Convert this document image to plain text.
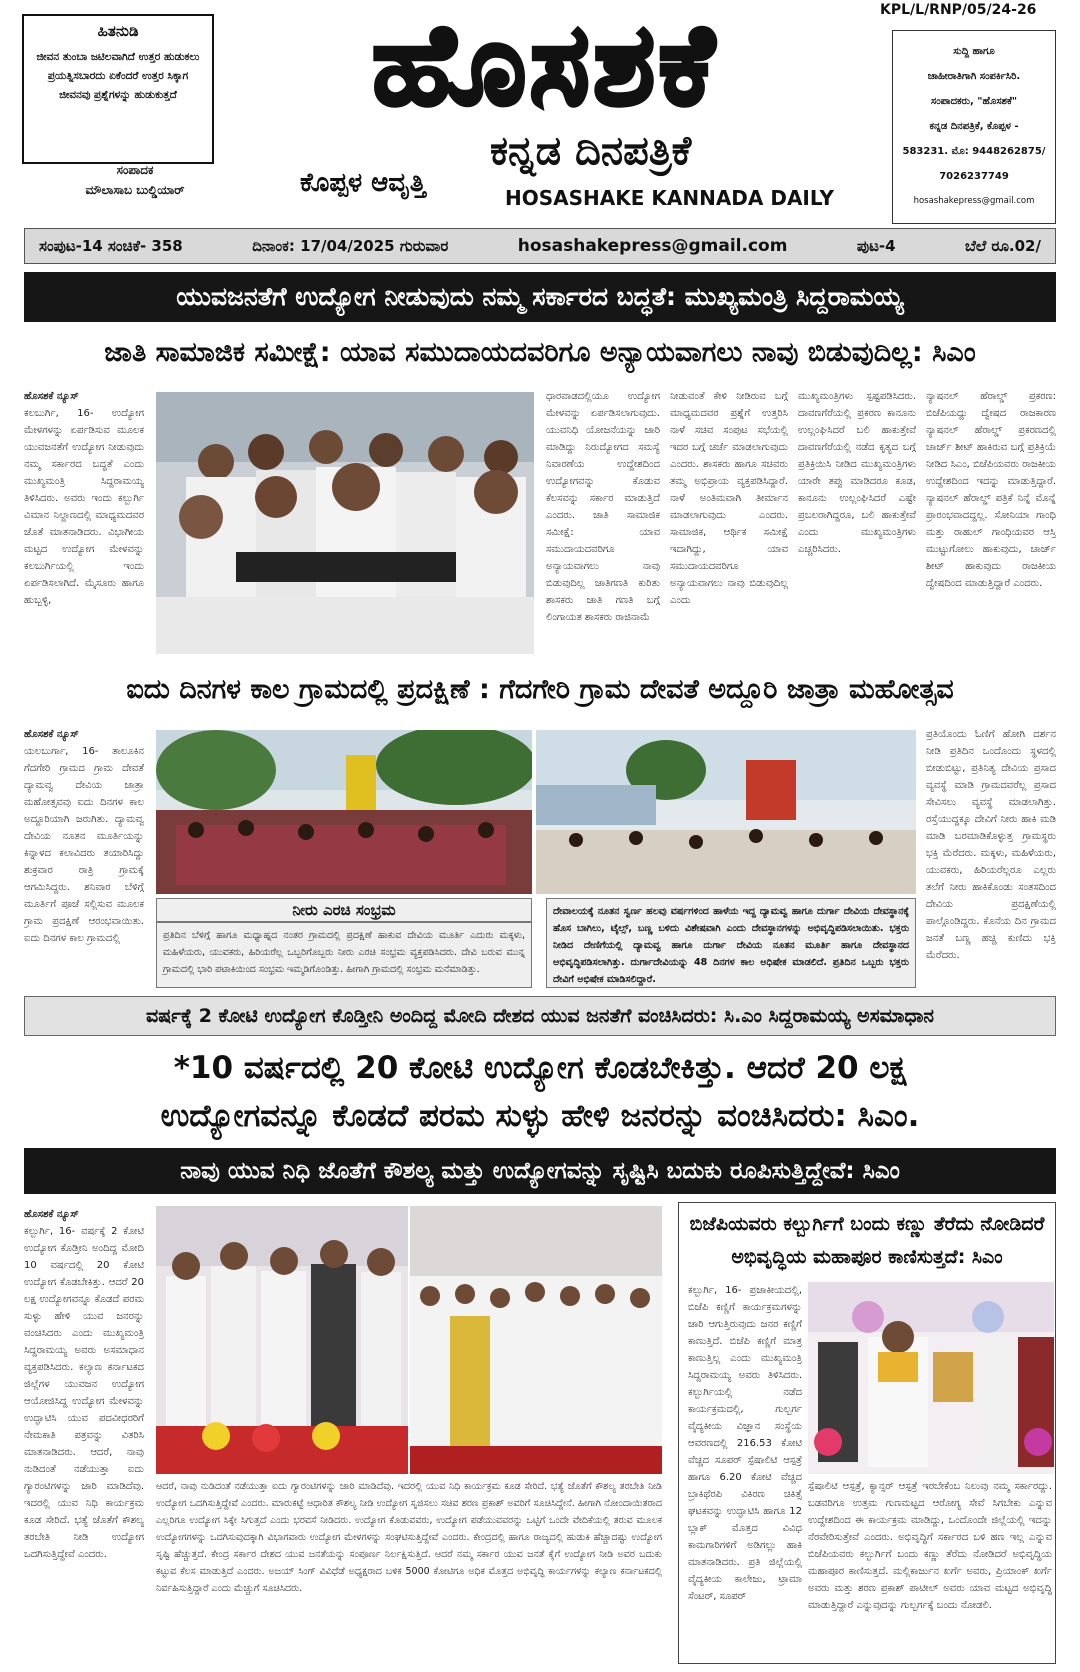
ಹಿತನುಡಿ
ಜೀವನ ತುಂಬಾ ಜಟಿಲವಾಗಿದೆ ಉತ್ತರ ಹುಡುಕಲು ಪ್ರಯತ್ನಿಸಬಾರದು ಏಕೆಂದರೆ ಉತ್ತರ ಸಿಕ್ಕಾಗ ಜೀವನವು ಪ್ರಶ್ನೆಗಳನ್ನು ಹುಡುಕುತ್ತದೆ
ಸಂಪಾದಕ
ಮೌಲಾಸಾಬ ಬುಲ್ಡಿಯಾರ್
ಹೊಸಶಕೆ
ಕನ್ನಡ ದಿನಪತ್ರಿಕೆ
ಕೊಪ್ಪಳ ಆವೃತ್ತಿ	HOSASHAKE KANNADA DAILY
KPL/L/RNP/05/24-26
ಸುದ್ದಿ ಹಾಗೂ
ಜಾಹೀರಾತಿಗಾಗಿ ಸಂಪರ್ಕಿಸಿರಿ.
ಸಂಪಾದಕರು, "ಹೊಸಶಕೆ"
ಕನ್ನಡ ದಿನಪತ್ರಿಕೆ, ಕೊಪ್ಪಳ -
583231. ಮೊ: 9448262875/
7026237749
hosashakepress@gmail.com
ಸಂಪುಟ-14 ಸಂಚಿಕೆ- 358	ದಿನಾಂಕ: 17/04/2025 ಗುರುವಾರ	hosashakepress@gmail.com	ಪುಟ-4	ಬೆಲೆ ರೂ.02/
ಯುವಜನತೆಗೆ ಉದ್ಯೋಗ ನೀಡುವುದು ನಮ್ಮ ಸರ್ಕಾರದ ಬದ್ಧತೆ: ಮುಖ್ಯಮಂತ್ರಿ ಸಿದ್ದರಾಮಯ್ಯ
ಜಾತಿ ಸಾಮಾಜಿಕ ಸಮೀಕ್ಷೆ: ಯಾವ ಸಮುದಾಯದವರಿಗೂ ಅನ್ಯಾಯವಾಗಲು ನಾವು ಬಿಡುವುದಿಲ್ಲ: ಸಿಎಂ
ಹೊಸಶಕೆ ನ್ಯೂಸ್
ಕಲಬುರ್ಗಿ, 16- ಉದ್ಯೋಗ ಮೇಳಗಳನ್ನು ಏರ್ಪಡಿಸುವ ಮೂಲಕ ಯುವಜನತೆಗೆ ಉದ್ಯೋಗ ನೀಡುವುದು ನಮ್ಮ ಸರ್ಕಾರದ ಬದ್ಧತೆ ಎಂದು ಮುಖ್ಯಮಂತ್ರಿ ಸಿದ್ದರಾಮಯ್ಯ ತಿಳಿಸಿದರು. ಅವರು ಇಂದು ಕಲ್ಬುರ್ಗಿ ವಿಮಾನ ನಿಲ್ದಾಣದಲ್ಲಿ ಮಾಧ್ಯಮದವರ ಜೊತೆ ಮಾತನಾಡಿದರು. ವಿಭಾಗೀಯ ಮಟ್ಟದ ಉದ್ಯೋಗ ಮೇಳವನ್ನು ಕಲಬುರ್ಗಿಯಲ್ಲಿ ಇಂದು ಏರ್ಪಡಿಸಲಾಗಿದೆ. ಮೈಸೂರು ಹಾಗೂ ಹುಬ್ಬಳ್ಳಿ,
ಧಾರವಾಡದಲ್ಲಿಯೂ ಉದ್ಯೋಗ ಮೇಳವನ್ನು ಏರ್ಪಡಿಸಲಾಗುವುದು. ಯುವನಿಧಿ ಯೋಜನೆಯನ್ನು ಜಾರಿ ಮಾಡಿದ್ದು ನಿರುದ್ಯೋಗದ ಸಮಸ್ಯೆ ನಿವಾರಣೆಯ ಉದ್ದೇಶದಿಂದ ಉದ್ಯೋಗವನ್ನು ಕೊಡುವ ಕೆಲಸವನ್ನು ಸರ್ಕಾರ ಮಾಡುತ್ತಿದೆ ಎಂದರು. ಜಾತಿ ಸಾಮಾಜಿಕ ಸಮೀಕ್ಷೆ: ಯಾವ ಸಮುದಾಯದವರಿಗೂ ಅನ್ಯಾಯವಾಗಲು ನಾವು ಬಿಡುವುದಿಲ್ಲ ಜಾತಿಗಣತಿ ಕುರಿತು ಶಾಸಕರು ಜಾತಿ ಗಣತಿ ಬಗ್ಗೆ ಲಿಂಗಾಯತ ಶಾಸಕರು ರಾಜಿನಾಮೆ
ನೀಡುವಂತೆ ಕೇಳಿ ನೀಡಿರುವ ಬಗ್ಗೆ ಮಾಧ್ಯಮದವರ ಪ್ರಶ್ನೆಗೆ ಉತ್ತರಿಸಿ ನಾಳೆ ಸಚಿವ ಸಂಪುಟ ಸಭೆಯಲ್ಲಿ ಇದರ ಬಗ್ಗೆ ಚರ್ಚೆ ಮಾಡಲಾಗುವುದು ಎಂದರು. ಶಾಸಕರು ಹಾಗೂ ಸಚಿವರು ತಮ್ಮ ಅಭಿಪ್ರಾಯ ವ್ಯಕ್ತಪಡಿಸಿದ್ದಾರೆ. ನಾಳೆ ಅಂತಿಮವಾಗಿ ತೀರ್ಮಾನ ಮಾಡಲಾಗುವುದು ಎಂದರು. ಸಾಮಾಜಿಕ, ಆರ್ಥಿಕ ಸಮೀಕ್ಷೆ ಇದಾಗಿದ್ದು, ಯಾವ ಸಮುದಾಯದವರಿಗೂ ಅನ್ಯಾಯವಾಗಲು ನಾವು ಬಿಡುವುದಿಲ್ಲ ಎಂದು
ಮುಖ್ಯಮಂತ್ರಿಗಳು ಸ್ಪಷ್ಟಪಡಿಸಿದರು. ದಾವಣಗೆರೆಯಲ್ಲಿ ಪ್ರಕರಣ ಕಾನೂನು ಉಲ್ಲಂಘಿಸಿದರೆ ಬಲಿ ಹಾಕುತ್ತೇವೆ ದಾವಣಗೆರೆಯಲ್ಲಿ ನಡೆದ ಕೃತ್ಯದ ಬಗ್ಗೆ ಪ್ರತಿಕ್ರಿಯಿಸಿ ನೀಡಿದ ಮುಖ್ಯಮಂತ್ರಿಗಳು ಯಾರೇ ತಪ್ಪು ಮಾಡಿದರೂ ಕೂಡ, ಕಾನೂನು ಉಲ್ಲಂಘಿಸಿದರೆ ಎಷ್ಟೇ ಪ್ರಬಲರಾಗಿದ್ದರೂ, ಬಲಿ ಹಾಕುತ್ತೇವೆ ಎಂದು ಮುಖ್ಯಮಂತ್ರಿಗಳು ಎಚ್ಚರಿಸಿದರು.
ನ್ಯಾಷನಲ್ ಹೆರಾಲ್ಡ್ ಪ್ರಕರಣ: ಬಿಜೆಪಿಯದ್ದು ದ್ವೇಷದ ರಾಜಕಾರಣ ನ್ಯಾಷನಲ್ ಹೆರಾಲ್ಡ್ ಪ್ರಕರಣದಲ್ಲಿ ಚಾರ್ಜ್ ಶೀಟ್ ಹಾಕಿರುವ ಬಗ್ಗೆ ಪ್ರತಿಕ್ರಿಯೆ ನೀಡಿದ ಸಿಎಂ, ಬಿಜೆಪಿಯವರು ರಾಜಕೀಯ ಉದ್ದೇಶದಿಂದ ಇದನ್ನು ಮಾಡುತ್ತಿದ್ದಾರೆ. ನ್ಯಾಷನಲ್ ಹೆರಾಲ್ಡ್ ಪತ್ರಿಕೆ ನಿನ್ನೆ ಮೊನ್ನೆ ಪ್ರಾರಂಭವಾದದ್ದಲ್ಲ. ಸೋನಿಯಾ ಗಾಂಧಿ ಮತ್ತು ರಾಹುಲ್ ಗಾಂಧಿಯವರ ಆಸ್ತಿ ಮುಟ್ಟುಗೋಲು ಹಾಕುವುದು, ಚಾರ್ಜ್ ಶೀಟ್ ಹಾಕುವುದು ರಾಜಕೀಯ ದ್ವೇಷದಿಂದ ಮಾಡುತ್ತಿದ್ದಾರೆ ಎಂದರು.
ಐದು ದಿನಗಳ ಕಾಲ ಗ್ರಾಮದಲ್ಲಿ ಪ್ರದಕ್ಷಿಣೆ : ಗೆದಗೇರಿ ಗ್ರಾಮ ದೇವತೆ ಅದ್ದೂರಿ ಜಾತ್ರಾ ಮಹೋತ್ಸವ
ಹೊಸಶಕೆ ನ್ಯೂಸ್
ಯಲಬುರ್ಗಾ, 16- ತಾಲೂಕಿನ ಗೆದಗೇರಿ ಗ್ರಾಮದ ಗ್ರಾಮ ದೇವತೆ ದ್ಯಾಮವ್ವ ದೇವಿಯ ಜಾತ್ರಾ ಮಹೋತ್ಸವವು ಐದು ದಿನಗಳ ಕಾಲ ಅದ್ದೂರಿಯಾಗಿ ಜರುಗಿತು. ದ್ಯಾಮವ್ವ ದೇವಿಯ ನೂತನ ಮೂರ್ತಿಯನ್ನು ಕಿನ್ನಾಳದ ಕಲಾವಿದರು ತಯಾರಿಸಿದ್ದು ಶುಕ್ರವಾರ ರಾತ್ರಿ ಗ್ರಾಮಕ್ಕೆ ಆಗಮಿಸಿದ್ದರು. ಶನಿವಾರ ಬೆಳಿಗ್ಗೆ ಮೂರ್ತಿಗೆ ಪೂಜೆ ಸಲ್ಲಿಸುವ ಮೂಲಕ ಗ್ರಾಮ ಪ್ರದಕ್ಷಿಣೆ ಆರಂಭವಾಯಿತು. ಐದು ದಿನಗಳ ಕಾಲ ಗ್ರಾಮದಲ್ಲಿ
ನೀರು ಎರಚಿ ಸಂಭ್ರಮ
ಪ್ರತಿದಿನ ಬೆಳಿಗ್ಗೆ ಹಾಗೂ ಮಧ್ಯಾಹ್ನದ ನಂತರ ಗ್ರಾಮದಲ್ಲಿ ಪ್ರದಕ್ಷಿಣೆ ಹಾಕುವ ದೇವಿಯ ಮೂರ್ತಿ ಎದುರು ಮಕ್ಕಳು, ಮಹಿಳೆಯರು, ಯುವಕರು, ಹಿರಿಯರೆಲ್ಲ ಒಬ್ಬರಿಗೊಬ್ಬರು ನೀರು ಎರಚಿ ಸಂಭ್ರಮ ವ್ಯಕ್ತಪಡಿಸಿದರು. ದೇವಿ ಬರುವ ಮುನ್ನ ಗ್ರಾಮದಲ್ಲಿ ಭಾರಿ ಪಟಾಕಿಯಿಂದ ಸಂಭ್ರಮ ಇಮ್ಮಡಿಗೊಂಡಿತ್ತು. ಹೀಗಾಗಿ ಗ್ರಾಮದಲ್ಲಿ ಸಂಭ್ರಮ ಮನೆಮಾಡಿತ್ತು.
ದೇವಾಲಯಕ್ಕೆ ನೂತನ ಸ್ವರ್ಣ ಹಲವು ವರ್ಷಗಳಿಂದ ಹಾಳೆಯ ಇದ್ದ ದ್ಯಾಮವ್ವ ಹಾಗೂ ದುರ್ಗಾ ದೇವಿಯ ದೇವಸ್ಥಾನಕ್ಕೆ ಹೊಸ ಬಾಗಿಲು, ಟೈಲ್ಸ್, ಬಣ್ಣ ಬಳಿದು ವಿಶೇಷವಾಗಿ ಎಂದು ದೇವಸ್ಥಾನಗಳನ್ನು ಅಭಿವೃದ್ಧಿಪಡಿಸಲಾಯಿತು. ಭಕ್ತರು ನೀಡಿದ ದೇಣಿಗೆಯಲ್ಲಿ ದ್ಯಾಮವ್ವ ಹಾಗೂ ದುರ್ಗಾ ದೇವಿಯ ನೂತನ ಮೂರ್ತಿ ಹಾಗೂ ದೇವಸ್ಥಾನದ ಅಭಿವೃದ್ಧಿಪಡಿಸಲಾಗಿತ್ತು. ದುರ್ಗಾದೇವಿಯನ್ನು 48 ದಿನಗಳ ಕಾಲ ಅಧಿಷೇಕ ಮಾಡಲಿದೆ. ಪ್ರತಿದಿನ ಒಬ್ಬರು ಭಕ್ತರು ದೇವಿಗೆ ಅಭಿಷೇಕ ಮಾಡಿಸಲಿದ್ದಾರೆ.
ಪ್ರತಿಯೊಂದು ಓಣಿಗೆ ಹೋಗಿ ದರ್ಶನ ನೀಡಿ ಪ್ರತಿದಿನ ಒಂದೊಂದು ಸ್ಥಳದಲ್ಲಿ ಬೀಡುಬಿಟ್ಟು, ಪ್ರತಿನಿತ್ಯ ದೇವಿಯ ಪ್ರಸಾದ ವ್ಯವಸ್ಥೆ ಮಾಡಿ ಗ್ರಾಮದವರೆಲ್ಲ ಪ್ರಸಾದ ಸೇವಿಸಲು ವ್ಯವಸ್ಥೆ ಮಾಡಲಾಗಿತ್ತು. ರಸ್ತೆಯುದ್ದಕ್ಕೂ ದೇವಿಗೆ ನೀರು ಹಾಕಿ ಮಡಿ ಮಾಡಿ ಬರಮಾಡಿಕೊಳ್ಳುತ್ತ ಗ್ರಾಮಸ್ಥರು ಭಕ್ತಿ ಮೆರೆದರು. ಮಕ್ಕಳು, ಮಹಿಳೆಯರು, ಯುವಕರು, ಹಿರಿಯರೆಲ್ಲರೂ ಎಲ್ಲರು ತಲೆಗೆ ನೀರು ಹಾಕಿಕೊಂಡು ಸಂತಸದಿಂದ ದೇವಿಯ ಪ್ರದಕ್ಷಿಣೆಯಲ್ಲಿ ಪಾಲ್ಗೊಂಡಿದ್ದರು. ಕೊನೆಯ ದಿನ ಗ್ರಾಮದ ಜನತೆ ಬಣ್ಣ ಹಚ್ಚಿ ಕುಣಿದು ಭಕ್ತಿ ಮೆರೆದರು.
ವರ್ಷಕ್ಕೆ 2 ಕೋಟಿ ಉದ್ಯೋಗ ಕೊಡ್ತೀನಿ ಅಂದಿದ್ದ ಮೋದಿ ದೇಶದ ಯುವ ಜನತೆಗೆ ವಂಚಿಸಿದರು: ಸಿ.ಎಂ ಸಿದ್ದರಾಮಯ್ಯ ಅಸಮಾಧಾನ
*10 ವರ್ಷದಲ್ಲಿ 20 ಕೋಟಿ ಉದ್ಯೋಗ ಕೊಡಬೇಕಿತ್ತು. ಆದರೆ 20 ಲಕ್ಷ
ಉದ್ಯೋಗವನ್ನೂ ಕೊಡದೆ ಪರಮ ಸುಳ್ಳು ಹೇಳಿ ಜನರನ್ನು ವಂಚಿಸಿದರು: ಸಿಎಂ.
ನಾವು ಯುವ ನಿಧಿ ಜೊತೆಗೆ ಕೌಶಲ್ಯ ಮತ್ತು ಉದ್ಯೋಗವನ್ನು ಸೃಷ್ಟಿಸಿ ಬದುಕು ರೂಪಿಸುತ್ತಿದ್ದೇವೆ: ಸಿಎಂ
ಹೊಸಶಕೆ ನ್ಯೂಸ್
ಕಲ್ಬುರ್ಗಿ, 16- ವರ್ಷಕ್ಕೆ 2 ಕೋಟಿ ಉದ್ಯೋಗ ಕೊಡ್ತೀನಿ ಅಂದಿದ್ದ ಮೋದಿ 10 ವರ್ಷದಲ್ಲಿ 20 ಕೋಟಿ ಉದ್ಯೋಗ ಕೊಡಬೇಕಿತ್ತು. ಆದರೆ 20 ಲಕ್ಷ ಉದ್ಯೋಗವನ್ನೂ ಕೊಡದೆ ಪರಮ ಸುಳ್ಳು ಹೇಳಿ ಯುವ ಜನರನ್ನು ವಂಚಿಸಿದರು ಎಂದು ಮುಖ್ಯಮಂತ್ರಿ ಸಿದ್ದರಾಮಯ್ಯ ಅವರು ಅಸಮಾಧಾನ ವ್ಯಕ್ತಪಡಿಸಿದರು. ಕಲ್ಯಾಣ ಕರ್ನಾಟಕದ ಜಿಲ್ಲೆಗಳ ಯುವಜನ ಉದ್ಯೋಗ ಆಯೋಜಿಸಿದ್ದ ಉದ್ಯೋಗ ಮೇಳವನ್ನು ಉದ್ಘಾಟಿಸಿ ಯುವ ಪದವೀಧರರಿಗೆ ನೇಮಕಾತಿ ಪತ್ರವನ್ನು ವಿತರಿಸಿ ಮಾತನಾಡಿದರು. ಆದರೆ, ನಾವು ನುಡಿದಂತೆ ನಡೆಯುತ್ತಾ ಐದು ಗ್ಯಾರಂಟಿಗಳನ್ನು ಜಾರಿ ಮಾಡಿದೆವು. ಇದರಲ್ಲಿ ಯುವ ನಿಧಿ ಕಾರ್ಯಕ್ರಮ ಕೂಡ ಸೇರಿದೆ. ಭತ್ಯೆ ಜೊತೆಗೆ ಕೌಶಲ್ಯ ತರಬೇತಿ ನೀಡಿ ಉದ್ಯೋಗ ಒದಗಿಸುತ್ತಿದ್ದೇವೆ ಎಂದರು.
ಆದರೆ, ನಾವು ನುಡಿದಂತೆ ನಡೆಯುತ್ತಾ ಐದು ಗ್ಯಾರಂಟಿಗಳನ್ನು ಜಾರಿ ಮಾಡಿದೆವು. ಇದರಲ್ಲಿ ಯುವ ನಿಧಿ ಕಾರ್ಯಕ್ರಮ ಕೂಡ ಸೇರಿದೆ. ಭತ್ಯೆ ಜೊತೆಗೆ ಕೌಶಲ್ಯ ತರಬೇತಿ ನೀಡಿ ಉದ್ಯೋಗ ಒದಗಿಸುತ್ತಿದ್ದೇವೆ ಎಂದರು. ಮಾರುಕಟ್ಟೆ ಆಧಾರಿತ ಕೌಶಲ್ಯ ನೀಡಿ ಉದ್ಯೋಗ ಸೃಜಿಸಲು ಸಚಿವ ಶರಣ ಪ್ರಕಾಶ್ ಅವರಿಗೆ ಸೂಚಿಸಿದ್ದೇನೆ. ಹೀಗಾಗಿ ನೋಂದಾಯಿತರಾದ ಎಲ್ಲರಿಗೂ ಉದ್ಯೋಗ ಸಿಕ್ಕೇ ಸಿಗುತ್ತದೆ ಎಂದು ಭರವಸೆ ನೀಡಿದರು. ಉದ್ಯೋಗ ಕೊಡುವವರು, ಉದ್ಯೋಗ ಪಡೆಯುವವರನ್ನು ಒಟ್ಟಿಗೆ ಒಂದೇ ವೇದಿಕೆಯಲ್ಲಿ ತರುವ ಮೂಲಕ ಉದ್ಯೋಗಗಳನ್ನು ಒದಗಿಸುವುದಕ್ಕಾಗಿ ವಿಭಾಗವಾರು ಉದ್ಯೋಗ ಮೇಳಗಳನ್ನು ಸಂಘಟಿಸುತ್ತಿದ್ದೇವೆ ಎಂದರು. ಕೇಂದ್ರದಲ್ಲಿ ಹಾಗೂ ರಾಜ್ಯದಲ್ಲಿ ಹುಡುಕಿ ಹೆಚ್ಚಾದಷ್ಟು ಉದ್ಯೋಗ ಸೃಷ್ಟಿ ಹೆಚ್ಚುತ್ತದೆ. ಕೇಂದ್ರ ಸರ್ಕಾರ ದೇಶದ ಯುವ ಜನತೆಯನ್ನು ಸಂಪೂರ್ಣ ನಿರ್ಲಕ್ಷಿಸುತ್ತಿದೆ. ಆದರೆ ನಮ್ಮ ಸರ್ಕಾರ ಯುವ ಜನತೆ ಕೈಗೆ ಉದ್ಯೋಗ ನೀಡಿ ಅವರ ಬದುಕು ಕಟ್ಟುವ ಕೆಲಸ ಮಾಡುತ್ತಿದೆ ಎಂದರು. ಅಜಯ್ ಸಿಂಗ್ ವಿವಿಧೆಡೆ ಅಧ್ಯಕ್ಷರಾದ ಬಳಿಕ 5000 ಕೋಟಿಗೂ ಅಧಿಕ ಮೊತ್ತದ ಅಭಿವೃದ್ಧಿ ಕಾರ್ಯಗಳನ್ನು ಕಲ್ಯಾಣ ಕರ್ನಾಟಕದಲ್ಲಿ ನಿರ್ವಹಿಸುತ್ತಿದ್ದಾರೆ ಎಂದು ಮೆಚ್ಚುಗೆ ಸೂಚಿಸಿದರು.
ಬಿಜೆಪಿಯವರು ಕಲ್ಬುರ್ಗಿಗೆ ಬಂದು ಕಣ್ಣು ತೆರೆದು ನೋಡಿದರೆ ಅಭಿವೃದ್ಧಿಯ ಮಹಾಪೂರ ಕಾಣಿಸುತ್ತದೆ: ಸಿಎಂ
ಕಲ್ಬುರ್ಗಿ, 16- ಪ್ರಜಾಕೀಯದಲ್ಲಿ, ಬಿಜೆಪಿ ಕಣ್ಣಿಗೆ ಕಾರ್ಯಕ್ರಮಗಳನ್ನು ಜಾರಿ ಆಗುತ್ತಿರುವುದು ಜನರ ಕಣ್ಣಿಗೆ ಕಾಣುತ್ತಿದೆ. ಬಿಜೆಪಿ ಕಣ್ಣಿಗೆ ಮಾತ್ರ ಕಾಣುತ್ತಿಲ್ಲ ಎಂದು ಮುಖ್ಯಮಂತ್ರಿ ಸಿದ್ದರಾಮಯ್ಯ ಅವರು ತಿಳಿಸಿದರು. ಕಲ್ಬುರ್ಗಿಯಲ್ಲಿ ನಡೆದ ಕಾರ್ಯಕ್ರಮದಲ್ಲಿ, ಗುಲ್ಬರ್ಗ ವೈದ್ಯಕೀಯ ವಿಜ್ಞಾನ ಸಂಸ್ಥೆಯ ಆವರಣದಲ್ಲಿ 216.53 ಕೋಟಿ ವೆಚ್ಚದ ಸೂಪರ್ ಸ್ಪೆಷಾಲಿಟಿ ಆಸ್ಪತ್ರೆ ಹಾಗೂ 6.20 ಕೋಟಿ ವೆಚ್ಚದ ಬ್ರಾಕಿಥೆರಪಿ ವಿಕಿರಣ ಚಿಕಿತ್ಸೆ ಘಟಕವನ್ನು ಉದ್ಘಾಟಿಸಿ ಹಾಗೂ 12 ಬ್ಲಾಕ್ ಮೊತ್ತದ ವಿವಿಧ ಕಾಮಗಾರಿಗಳಿಗೆ ಅಡಿಗಲ್ಲು ಹಾಕಿ ಮಾತನಾಡಿದರು. ಪ್ರತಿ ಜಿಲ್ಲೆಯಲ್ಲಿ ವೈದ್ಯಕೀಯ ಕಾಲೇಜು, ಟ್ರಾಮಾ ಸೆಂಟರ್, ಸೂಪರ್
ಸ್ಪೆಷಾಲಿಟಿ ಆಸ್ಪತ್ರೆ, ಕ್ಯಾನ್ಸರ್ ಆಸ್ಪತ್ರೆ ಇರಬೇಕೆಂಬ ನಿಲುವು ನಮ್ಮ ಸರ್ಕಾರದ್ದು. ಬಡವರಿಗೂ ಉತ್ತಮ ಗುಣಮಟ್ಟದ ಆರೋಗ್ಯ ಸೇವೆ ಸಿಗಬೇಕು ಎನ್ನುವ ಉದ್ದೇಶದಿಂದ ಈ ಕಾರ್ಯಕ್ರಮ ಮಾಡಿದ್ದು, ಒಂದೊಂದೇ ಜಿಲ್ಲೆಯಲ್ಲಿ ಇದನ್ನು ನೆರವೇರಿಸುತ್ತೇವೆ ಎಂದರು. ಅಭಿವೃದ್ಧಿಗೆ ಸರ್ಕಾರದ ಬಳಿ ಹಣ ಇಲ್ಲ ಎನ್ನುವ ಬಿಜೆಪಿಯವರು ಕಲ್ಬುರ್ಗಿಗೆ ಬಂದು ಕಣ್ಣು ತೆರೆದು ನೋಡಿದರೆ ಅಭಿವೃದ್ಧಿಯ ಮಹಾಪೂರ ಕಾಣಿಸುತ್ತದೆ. ಮಲ್ಲಿಕಾರ್ಜುನ ಖರ್ಗೆ ಅವರು, ಪ್ರಿಯಾಂಕ್ ಖರ್ಗೆ ಅವರು ಮತ್ತು ಶರಣ ಪ್ರಕಾಶ್ ಪಾಟೀಲ್ ಅವರು ಯಾವ ಮಟ್ಟದ ಅಭಿವೃದ್ಧಿ ಮಾಡುತ್ತಿದ್ದಾರೆ ಎನ್ನುವುದನ್ನು ಗುಲ್ಬರ್ಗಕ್ಕೆ ಬಂದು ನೋಡಲಿ.
